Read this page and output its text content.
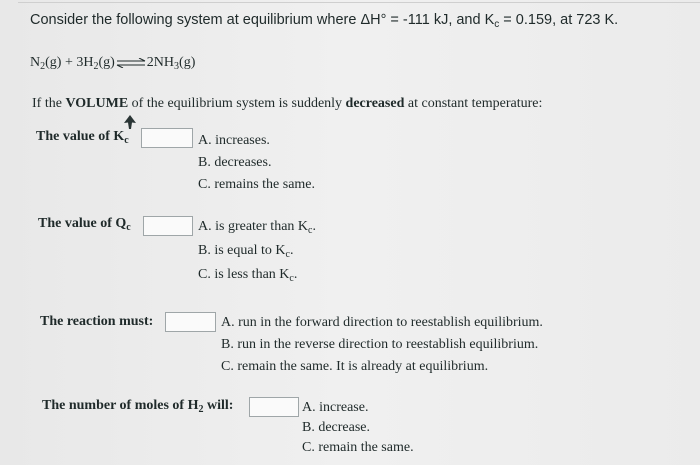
Consider the following system at equilibrium where ΔH° = -111 kJ, and $K_c = 0.159$, at 723 K.
$N_2(g)$ + $3H_2(g)\rightleftharpoons 2NH_3(g)$
If the VOLUME of the equilibrium system is suddenly decreased at constant temperature:
The value of $K_c$	A. increases.
B. decreases.
C. remains the same.
The value of $Q_c$	A. is greater than $K_c$.
B. is equal to $K_c$.
C. is less than $K_c$.
The reaction must:	A. run in the forward direction to reestablish equilibrium.
B. run in the reverse direction to reestablish equilibrium.
C. remain the same. It is already at equilibrium.
The number of moles of $H_2$ will:	A. increase.
B. decrease.
C. remain the same.
